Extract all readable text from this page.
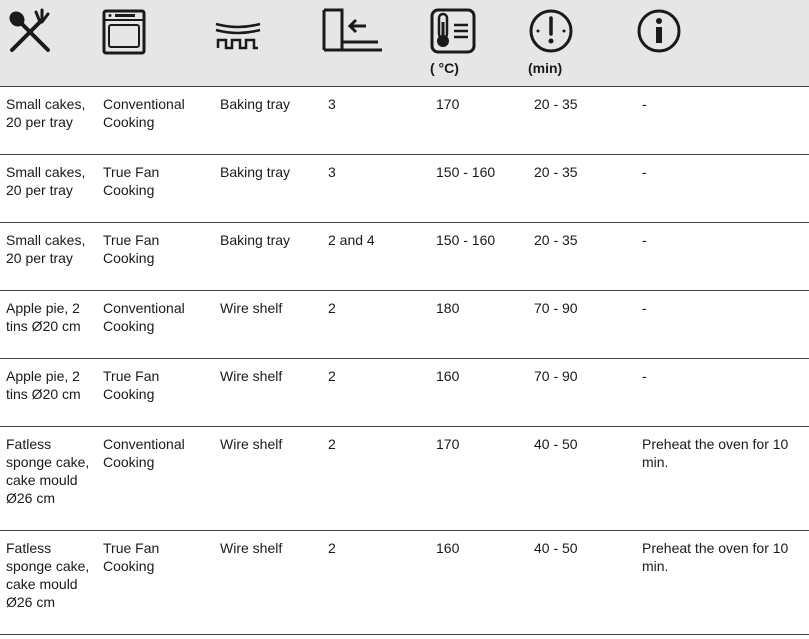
( °C)	(min)

Small cakes, 20 per tray	Conventional Cooking	Baking tray	3	170	20 - 35	-
Small cakes, 20 per tray	True Fan Cooking	Baking tray	3	150 - 160	20 - 35	-
Small cakes, 20 per tray	True Fan Cooking	Baking tray	2 and 4	150 - 160	20 - 35	-
Apple pie, 2 tins Ø20 cm	Conventional Cooking	Wire shelf	2	180	70 - 90	-
Apple pie, 2 tins Ø20 cm	True Fan Cooking	Wire shelf	2	160	70 - 90	-
Fatless sponge cake, cake mould Ø26 cm	Conventional Cooking	Wire shelf	2	170	40 - 50	Preheat the oven for 10 min.
Fatless sponge cake, cake mould Ø26 cm	True Fan Cooking	Wire shelf	2	160	40 - 50	Preheat the oven for 10 min.
